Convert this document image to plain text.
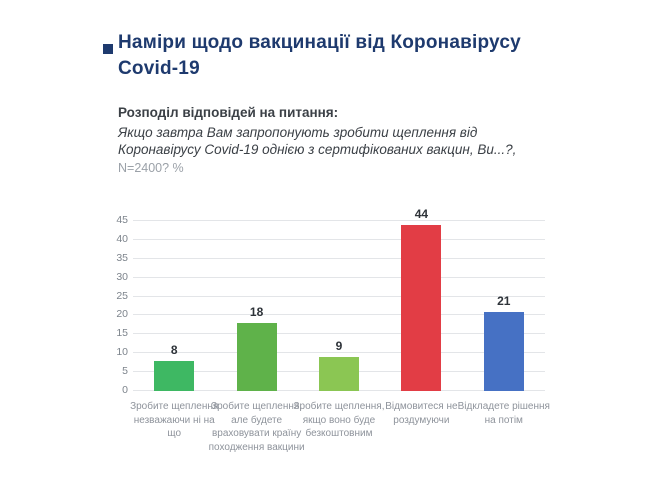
Наміри щодо вакцинації від Коронавірусу
Covid-19
Розподіл відповідей на питання:
Якщо завтра Вам запропонують зробити щеплення від
Коронавірусу Covid-19 однією з сертифікованих вакцин, Ви...?,
N=2400? %
0
5
10
15
20
25
30
35
40
45
8
18
9
44
21
Зробите щеплення незважаючи ні на що
Зробите щеплення, але будете враховувати країну походження вакцини
Зробите щеплення, якщо воно буде безкоштовним
Відмовитеся не роздумуючи
Відкладете рішення на потім
